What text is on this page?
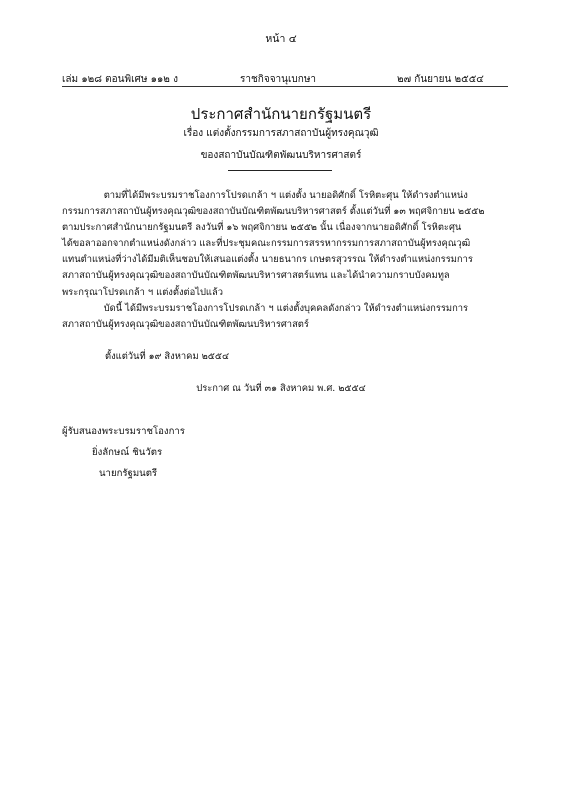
หน้า ๔
เล่ม ๑๒๘ ตอนพิเศษ ๑๑๒ ง	ราชกิจจานุเบกษา	๒๗ กันยายน ๒๕๕๔
ประกาศสำนักนายกรัฐมนตรี
เรื่อง แต่งตั้งกรรมการสภาสถาบันผู้ทรงคุณวุฒิ
ของสถาบันบัณฑิตพัฒนบริหารศาสตร์

ตามที่ได้มีพระบรมราชโองการโปรดเกล้า ฯ แต่งตั้ง นายอดิศักดิ์ โรหิตะศุน ให้ดำรงตำแหน่ง

กรรมการสภาสถาบันผู้ทรงคุณวุฒิของสถาบันบัณฑิตพัฒนบริหารศาสตร์ ตั้งแต่วันที่ ๑๓ พฤศจิกายน ๒๕๕๒

ตามประกาศสำนักนายกรัฐมนตรี ลงวันที่ ๑๖ พฤศจิกายน ๒๕๕๒ นั้น เนื่องจากนายอดิศักดิ์ โรหิตะศุน

ได้ขอลาออกจากตำแหน่งดังกล่าว และที่ประชุมคณะกรรมการสรรหากรรมการสภาสถาบันผู้ทรงคุณวุฒิ

แทนตำแหน่งที่ว่างได้มีมติเห็นชอบให้เสนอแต่งตั้ง นายธนากร เกษตรสุวรรณ ให้ดำรงตำแหน่งกรรมการ

สภาสถาบันผู้ทรงคุณวุฒิของสถาบันบัณฑิตพัฒนบริหารศาสตร์แทน และได้นำความกราบบังคมทูล

พระกรุณาโปรดเกล้า ฯ แต่งตั้งต่อไปแล้ว

บัดนี้ ได้มีพระบรมราชโองการโปรดเกล้า ฯ แต่งตั้งบุคคลดังกล่าว ให้ดำรงตำแหน่งกรรมการ

สภาสถาบันผู้ทรงคุณวุฒิของสถาบันบัณฑิตพัฒนบริหารศาสตร์

ตั้งแต่วันที่ ๑๙ สิงหาคม ๒๕๕๔
ประกาศ ณ วันที่ ๓๑ สิงหาคม พ.ศ. ๒๕๕๔
ผู้รับสนองพระบรมราชโองการ
ยิ่งลักษณ์ ชินวัตร
นายกรัฐมนตรี
